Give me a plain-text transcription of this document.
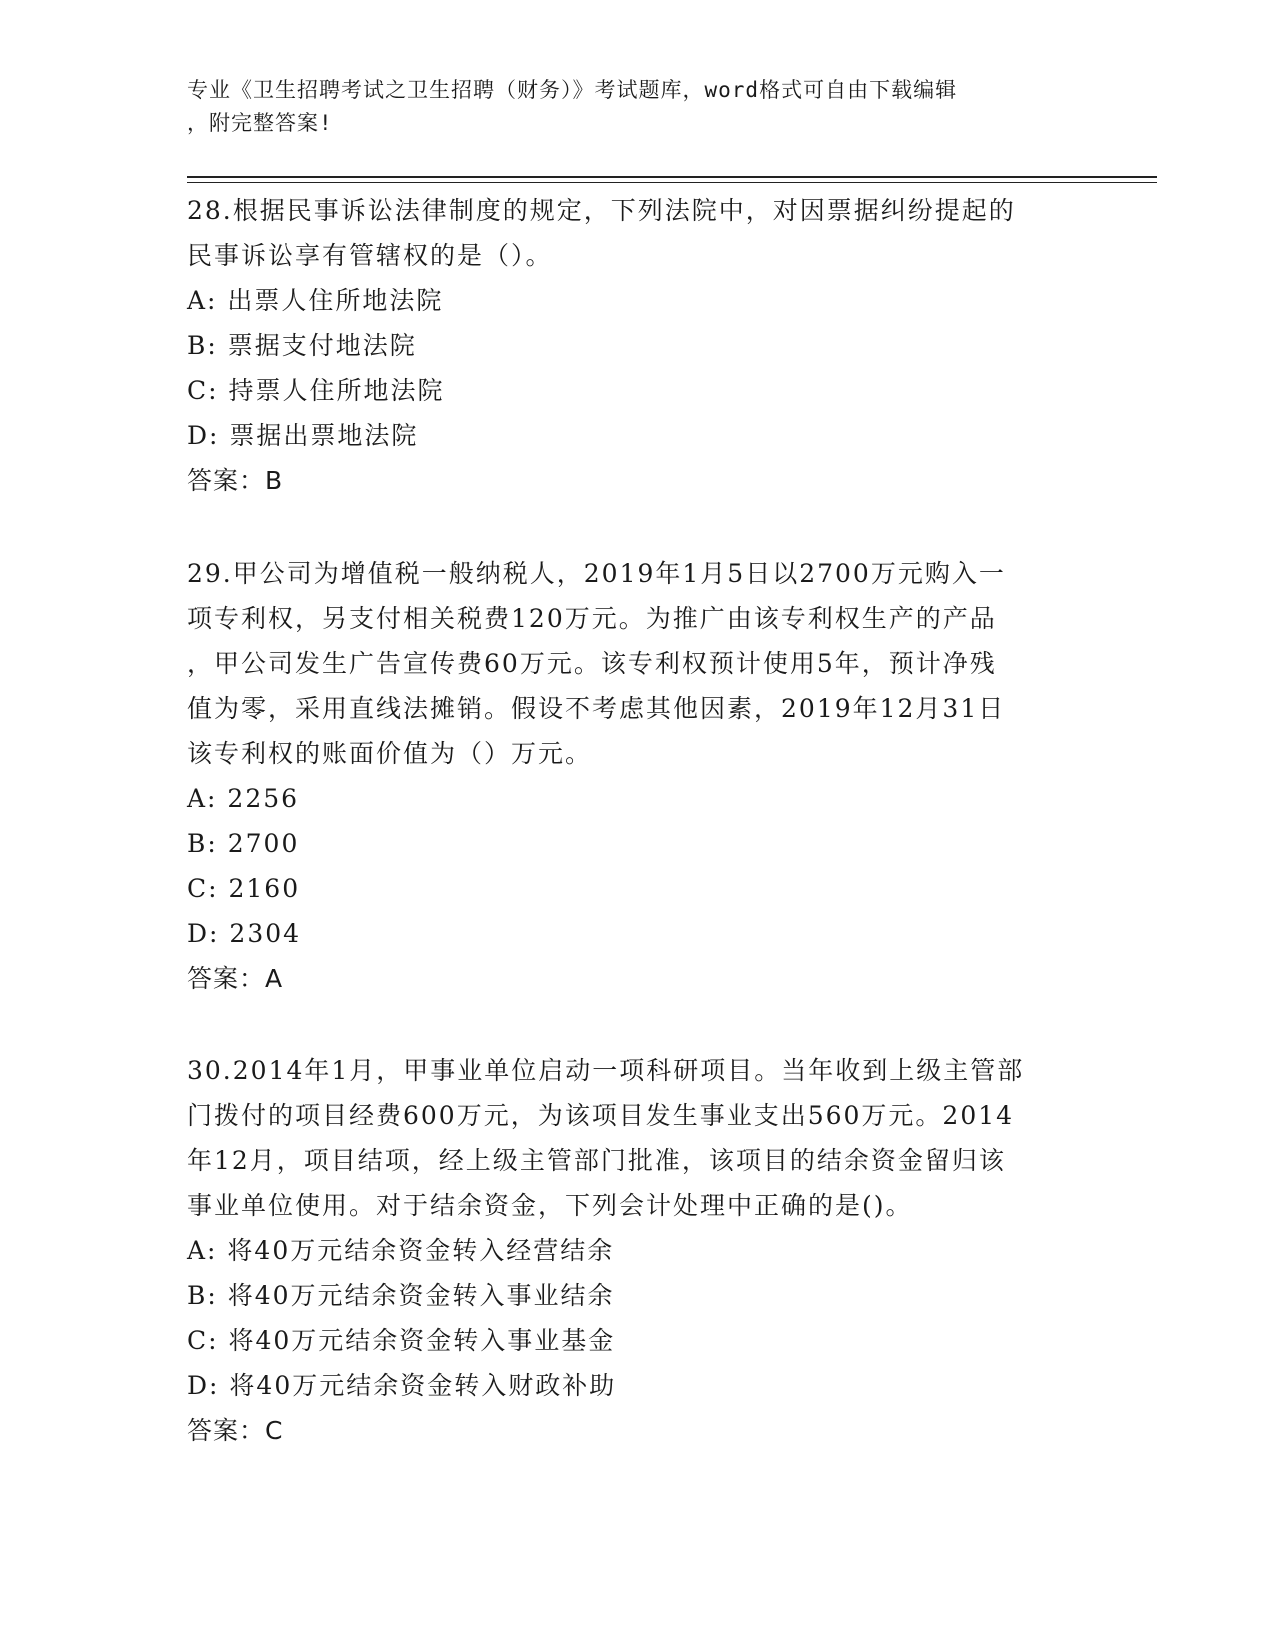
专业《卫生招聘考试之卫生招聘（财务）》考试题库，word格式可自由下载编辑
，附完整答案!
28.根据民事诉讼法律制度的规定，下列法院中，对因票据纠纷提起的
民事诉讼享有管辖权的是（）。
A: 出票人住所地法院
B: 票据支付地法院
C: 持票人住所地法院
D: 票据出票地法院
答案：B
29.甲公司为增值税一般纳税人，2019年1月5日以2700万元购入一
项专利权，另支付相关税费120万元。为推广由该专利权生产的产品
，甲公司发生广告宣传费60万元。该专利权预计使用5年，预计净残
值为零，采用直线法摊销。假设不考虑其他因素，2019年12月31日
该专利权的账面价值为（）万元。
A: 2256
B: 2700
C: 2160
D: 2304
答案：A
30.2014年1月，甲事业单位启动一项科研项目。当年收到上级主管部
门拨付的项目经费600万元，为该项目发生事业支出560万元。2014
年12月，项目结项，经上级主管部门批准，该项目的结余资金留归该
事业单位使用。对于结余资金，下列会计处理中正确的是()。
A: 将40万元结余资金转入经营结余
B: 将40万元结余资金转入事业结余
C: 将40万元结余资金转入事业基金
D: 将40万元结余资金转入财政补助
答案：C
